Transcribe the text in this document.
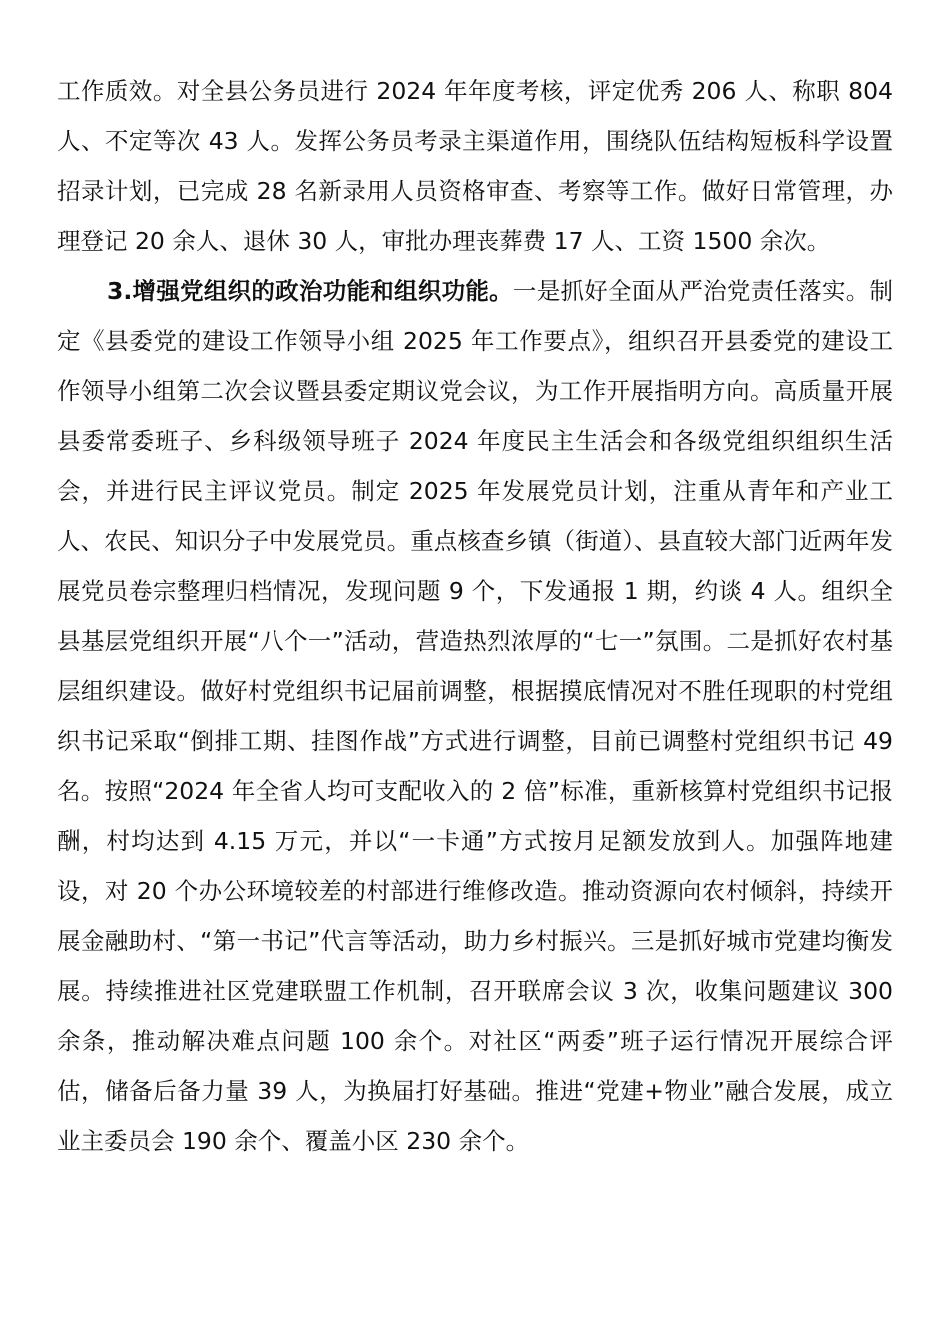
工作质效。对全县公务员进行 2024 年年度考核，评定优秀 206 人、称职 804 人、不定等次 43 人。发挥公务员考录主渠道作用，围绕队伍结构短板科学设置招录计划，已完成 28 名新录用人员资格审查、考察等工作。做好日常管理，办理登记 20 余人、退休 30 人，审批办理丧葬费 17 人、工资 1500 余次。

3.增强党组织的政治功能和组织功能。一是抓好全面从严治党责任落实。制定《县委党的建设工作领导小组 2025 年工作要点》，组织召开县委党的建设工作领导小组第二次会议暨县委定期议党会议，为工作开展指明方向。高质量开展县委常委班子、乡科级领导班子 2024 年度民主生活会和各级党组织组织生活会，并进行民主评议党员。制定 2025 年发展党员计划，注重从青年和产业工人、农民、知识分子中发展党员。重点核查乡镇（街道）、县直较大部门近两年发展党员卷宗整理归档情况，发现问题 9 个，下发通报 1 期，约谈 4 人。组织全县基层党组织开展“八个一”活动，营造热烈浓厚的“七一”氛围。二是抓好农村基层组织建设。做好村党组织书记届前调整，根据摸底情况对不胜任现职的村党组织书记采取“倒排工期、挂图作战”方式进行调整，目前已调整村党组织书记 49 名。按照“2024 年全省人均可支配收入的 2 倍”标准，重新核算村党组织书记报酬，村均达到 4.15 万元，并以“一卡通”方式按月足额发放到人。加强阵地建设，对 20 个办公环境较差的村部进行维修改造。推动资源向农村倾斜，持续开展金融助村、“第一书记”代言等活动，助力乡村振兴。三是抓好城市党建均衡发展。持续推进社区党建联盟工作机制，召开联席会议 3 次，收集问题建议 300 余条，推动解决难点问题 100 余个。对社区“两委”班子运行情况开展综合评估，储备后备力量 39 人，为换届打好基础。推进“党建+物业”融合发展，成立业主委员会 190 余个、覆盖小区 230 余个。
